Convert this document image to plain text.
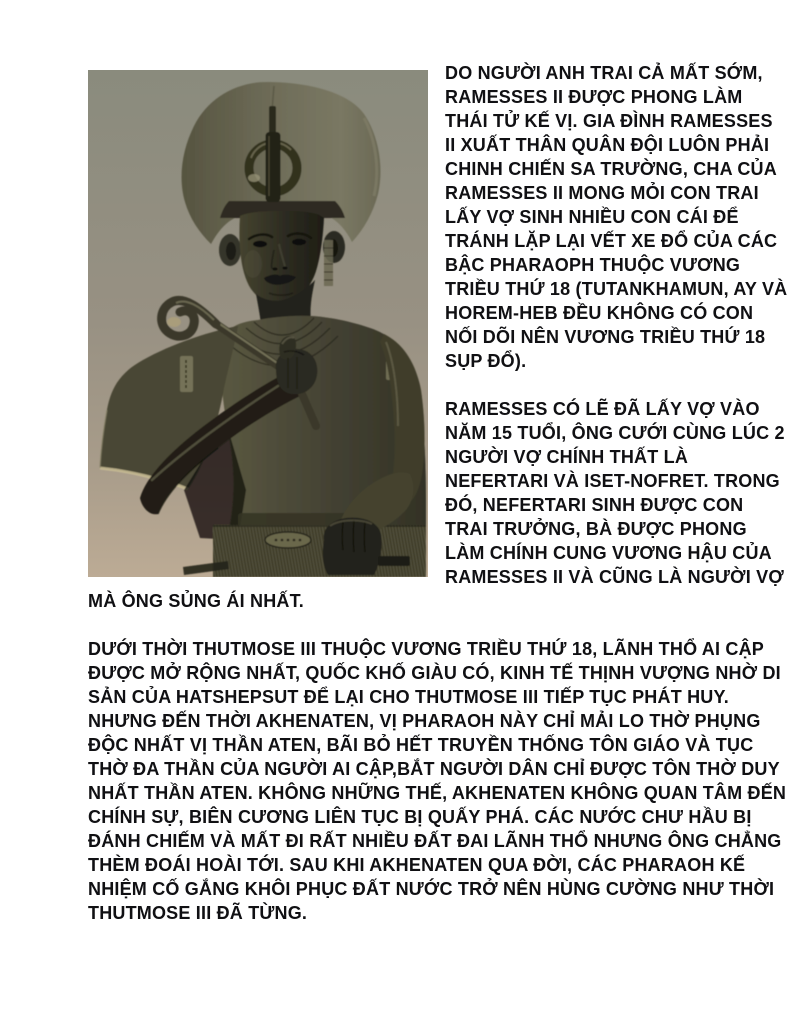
DO NGƯỜI ANH TRAI CẢ MẤT SỚM, RAMESSES II ĐƯỢC PHONG LÀM THÁI TỬ KẾ VỊ. GIA ĐÌNH RAMESSES II XUẤT THÂN QUÂN ĐỘI LUÔN PHẢI CHINH CHIẾN SA TRƯỜNG, CHA CỦA RAMESSES II MONG MỎI CON TRAI LẤY VỢ SINH NHIỀU CON CÁI ĐỂ TRÁNH LẶP LẠI VẾT XE ĐỔ CỦA CÁC BẬC PHARAOPH THUỘC VƯƠNG TRIỀU THỨ 18 (TUTANKHAMUN, AY VÀ HOREM-HEB ĐỀU KHÔNG CÓ CON NỐI DÕI NÊN VƯƠNG TRIỀU THỨ 18 SỤP ĐỔ).

RAMESSES CÓ LẼ ĐÃ LẤY VỢ VÀO NĂM 15 TUỔI, ÔNG CƯỚI CÙNG LÚC 2 NGƯỜI VỢ CHÍNH THẤT LÀ NEFERTARI VÀ ISET-NOFRET. TRONG ĐÓ, NEFERTARI SINH ĐƯỢC CON TRAI TRƯỞNG, BÀ ĐƯỢC PHONG LÀM CHÍNH CUNG VƯƠNG HẬU CỦA RAMESSES II VÀ CŨNG LÀ NGƯỜI VỢ MÀ ÔNG SỦNG ÁI NHẤT.

DƯỚI THỜI THUTMOSE III THUỘC VƯƠNG TRIỀU THỨ 18, LÃNH THỔ AI CẬP ĐƯỢC MỞ RỘNG NHẤT, QUỐC KHỐ GIÀU CÓ, KINH TẾ THỊNH VƯỢNG NHỜ DI SẢN CỦA HATSHEPSUT ĐỂ LẠI CHO THUTMOSE III TIẾP TỤC PHÁT HUY. NHƯNG ĐẾN THỜI AKHENATEN, VỊ PHARAOH NÀY CHỈ MẢI LO THỜ PHỤNG ĐỘC NHẤT VỊ THẦN ATEN, BÃI BỎ HẾT TRUYỀN THỐNG TÔN GIÁO VÀ TỤC THỜ ĐA THẦN CỦA NGƯỜI AI CẬP,BẮT NGƯỜI DÂN CHỈ ĐƯỢC TÔN THỜ DUY NHẤT THẦN ATEN. KHÔNG NHỮNG THẾ, AKHENATEN KHÔNG QUAN TÂM ĐẾN CHÍNH SỰ, BIÊN CƯƠNG LIÊN TỤC BỊ QUẤY PHÁ. CÁC NƯỚC CHƯ HẦU BỊ ĐÁNH CHIẾM VÀ MẤT ĐI RẤT NHIỀU ĐẤT ĐAI LÃNH THỔ NHƯNG ÔNG CHẲNG THÈM ĐOÁI HOÀI TỚI. SAU KHI AKHENATEN QUA ĐỜI, CÁC PHARAOH KẾ NHIỆM CỐ GẮNG KHÔI PHỤC ĐẤT NƯỚC TRỞ NÊN HÙNG CƯỜNG NHƯ THỜI THUTMOSE III ĐÃ TỪNG.
